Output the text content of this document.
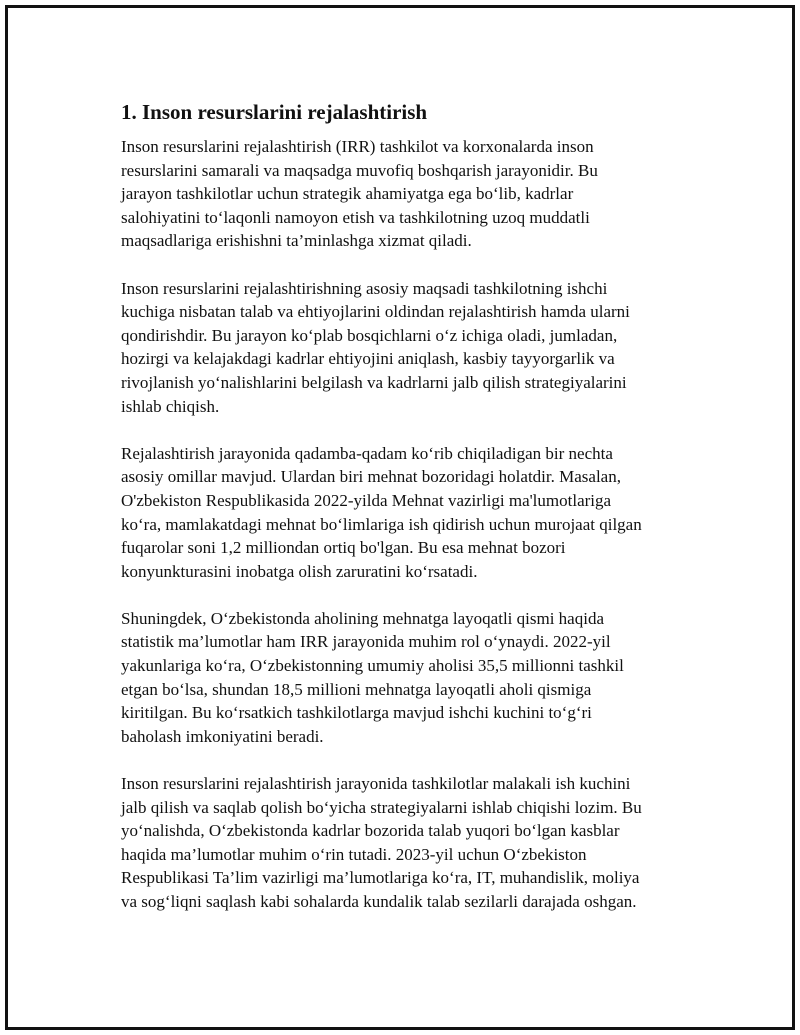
1. Inson resurslarini rejalashtirish

Inson resurslarini rejalashtirish (IRR) tashkilot va korxonalarda inson
resurslarini samarali va maqsadga muvofiq boshqarish jarayonidir. Bu
jarayon tashkilotlar uchun strategik ahamiyatga ega bo‘lib, kadrlar
salohiyatini to‘laqonli namoyon etish va tashkilotning uzoq muddatli
maqsadlariga erishishni ta’minlashga xizmat qiladi.

Inson resurslarini rejalashtirishning asosiy maqsadi tashkilotning ishchi
kuchiga nisbatan talab va ehtiyojlarini oldindan rejalashtirish hamda ularni
qondirishdir. Bu jarayon ko‘plab bosqichlarni o‘z ichiga oladi, jumladan,
hozirgi va kelajakdagi kadrlar ehtiyojini aniqlash, kasbiy tayyorgarlik va
rivojlanish yo‘nalishlarini belgilash va kadrlarni jalb qilish strategiyalarini
ishlab chiqish.

Rejalashtirish jarayonida qadamba-qadam ko‘rib chiqiladigan bir nechta
asosiy omillar mavjud. Ulardan biri mehnat bozoridagi holatdir. Masalan,
O'zbekiston Respublikasida 2022-yilda Mehnat vazirligi ma'lumotlariga
ko‘ra, mamlakatdagi mehnat bo‘limlariga ish qidirish uchun murojaat qilgan
fuqarolar soni 1,2 milliondan ortiq bo'lgan. Bu esa mehnat bozori
konyunkturasini inobatga olish zaruratini ko‘rsatadi.

Shuningdek, O‘zbekistonda aholining mehnatga layoqatli qismi haqida
statistik ma’lumotlar ham IRR jarayonida muhim rol o‘ynaydi. 2022-yil
yakunlariga ko‘ra, O‘zbekistonning umumiy aholisi 35,5 millionni tashkil
etgan bo‘lsa, shundan 18,5 millioni mehnatga layoqatli aholi qismiga
kiritilgan. Bu ko‘rsatkich tashkilotlarga mavjud ishchi kuchini to‘g‘ri
baholash imkoniyatini beradi.

Inson resurslarini rejalashtirish jarayonida tashkilotlar malakali ish kuchini
jalb qilish va saqlab qolish bo‘yicha strategiyalarni ishlab chiqishi lozim. Bu
yo‘nalishda, O‘zbekistonda kadrlar bozorida talab yuqori bo‘lgan kasblar
haqida ma’lumotlar muhim o‘rin tutadi. 2023-yil uchun O‘zbekiston
Respublikasi Ta’lim vazirligi ma’lumotlariga ko‘ra, IT, muhandislik, moliya
va sog‘liqni saqlash kabi sohalarda kundalik talab sezilarli darajada oshgan.
